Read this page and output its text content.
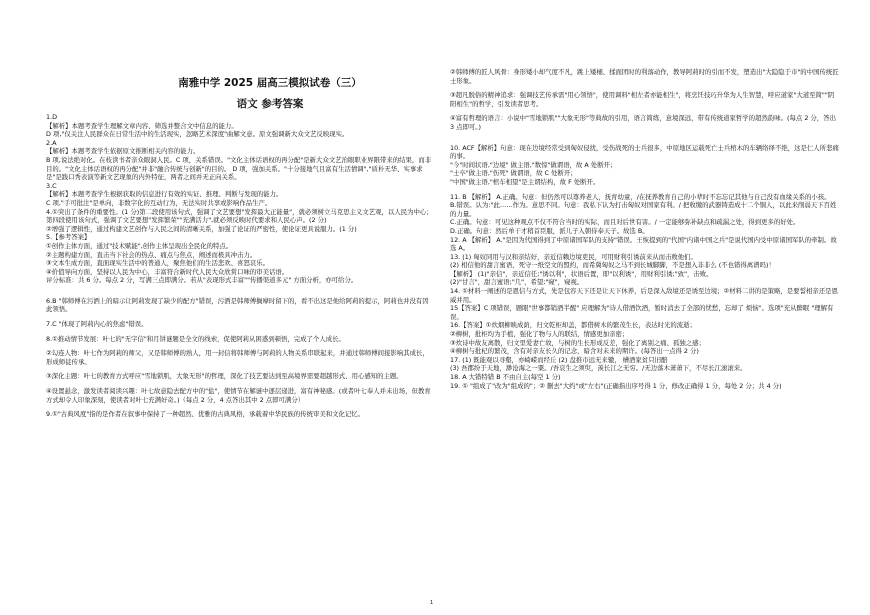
南雅中学 2025 届高三模拟试卷（三）
语文 参考答案

1.D

【解析】本题考查学生理解文章内容、筛选并整合文中信息的能力。

D 项,"仅关注人民群众在日常生活中的生活现实，忽略艺术深度"曲解文意。原文强调新大众文艺反映现实。

2.A

【解析】本题考查学生依据原文推断相关内容的能力。

B 项,说法绝对化。在枝读书者亲众眼洞人民。C 项，关系错误。"文化主体话语权的再分配"是新大众文艺治眼职业界限带来的结果，而非目的。"文化主体话语权的再分配"并非"融合传统与创新"的目的。 D 项，强加关系。"十分接地气且富有生活情调","质朴无华、实事求是"是践口秀表演等新文艺现象的内外特征，两者之间并无正向关系。

3.C

【解析】本题考查学生根据获取的信息进行有效的实证、推理、判断与发现的能力。

C 项,"手可批注"是单向，非数字化的互动行为，无法实时共享或影响作品生产。

4.①突出了条件的重要性。(1 分)第二段使用该句式，强调了文艺要想"发挥最大正能量"，就必须树立马克思主义文艺观，以人民为中心；第四段使用该句式，强调了文艺要想"发挥繁荣""充满活力",就必须反映时代要求和人民心声。(2 分)

②增强了逻辑性，通过构建文艺创作与人民之间的清晰关系，加强了论证的严密性，使论证更具说服力。(1 分)

5.【参考答案】

①创作主体方面，通过"技术赋能",创作主体呈现出全民化的特点。

②主题构建方面，直击当下社会的热点、痛点与焦点，阐述而极具冲击力。

③文本生成方面，直面现实生活中的普通人，聚焦他们的生活悲欢、喜怒哀乐。

④价值导向方面，坚持以人民为中心，丰富符合新时代人民大众欣赏口味的审美话语。

评分标准：共 6 分。每点 2 分，写满三点即满分。若从"表现形式丰富""传播渠道多元" 方面分析，亦可给分。

6.B "韩师傅在污洒上的暗示让阿莉发现了缺少的配方"错误，污洒是韩师傅搁摩时留下的，看不出这是他给阿莉的提示，阿莉也并没有因此领悟。

7.C "体现了阿莉内心的焦虑"错误。

8.①推动情节发展：叶七的"无字信"和月饼谜题是全文的线索，促使阿莉从困惑到顿悟，完成了个人成长。

②勾连人物：叶七作为阿莉的师父，又是韩师傅的熟人，用一封信将韩师傅与阿莉的人物关系串联起来，并通过韩师傅间接影响其成长，形成师徒传承。

③深化主题：叶七的教育方式呼应"雪地锁肌，大象无形"的哲理，深化了技艺要达到至高境界需要超越形式、用心感知的主题。

④设置悬念，激发读者阅读兴趣：叶七故意隐去配方中的"盐"，使情节在解谜中逐层递进，富有神秘感。(或者叶七奉人并未出场，但教育方式却令人印象深刻，使读者对叶七充满好奇。)（每点 2 分，4 点答出其中 2 点即可满分）

9.①"古典风度"指的是作者在叙事中保持了一种超然、优雅的古典风格，承载着中华民族的传统审美和文化记忆。

②韩师傅的匠人风骨：身形矮小却气度不凡，跳上矮桶、揉面团时的利落动作，教导阿莉时的引而不发，塑造出"大隐隐于市"的中国传统匠士形象。

③超凡脱俗的精神追求：强调技艺传承需"用心领悟"，使用调料"相左者亦能相生"，将烹饪技巧升华为人生智慧，呼应道家"大道至简""阴阳相生"的哲学，引发读者思考。

④富有哲理的语言：小说中"雪地锁肌""大象无形"等典故的引用，语言简练，意境深远，带有传统道家哲学的超然韵味。(每点 2 分，答出 3 点即可。)

10. ACF【解析】句意：现在边境经常受到匈奴侵扰，受伤战死的士兵很多，中原地区运载死亡士兵棺木的车辆络绎不绝，这是仁人所悲痛的事。

"今"时间状语,"边境" 做主语,"数惊"做谓语，故 A 处断开；

"士卒"做主语,"伤死" 做谓语，故 C 处断开；

"中国"做主语,"棺车相望"是主谓结构，故 F 处断开。

11. B 【解析】 A.正确。句意：但仍然可以尊养老人，抚育幼童，/在抚养教育自己的小辈时不忘忘记其他与自己没有血缘关系的小孩。

B.错误。认为:"此……作为。意思不同。句意：我私下认为打击匈奴对国家有利。/ 把收缴的武器铸造成十二个铜人，以此来削弱天下百姓的力量。

C.正确。句意：可见这种观点不仅不符合当时的实际，而且对后世有害。/ 一定能够弥补缺点和疏漏之处，得到更多的好处。

D.正确。句意：然后单干才稍首臣服，派儿子入朝侍奉天子。故选 B。

12. A 【解析】 A."是因为代国得到了中原诸国军队的支持"错误。王恢提到的"代国"内诸中国之兵"是说代国内受中原诸国军队的牵制。故选 A。

13. (1) 匈奴同用与汉和亲结好，亲近信赖边境吏民，可用财利引诱前来从而击败他们。

(2) 相信他的甜言蜜语，死守一纸空文的盟约，而希冀匈奴之马不到长城脚脚，不是想入非非么 (不也错得离谱吗)！

【解析】 (1)"亲信"，亲近信任;"诱以利"，状语后置，即"以利诱"，用财利引诱;"致"，击败。

(2)"甘言"，甜言蜜语;"几"，希望;"窥"，窥视。

14. ①材料一阐述的是恩信与方式，先是包容天下还是让天下休养，后是深入敌境还是诱至边境；②材料二讲的是策略，是要誓相亲还是恩威并用。

15【答案】C 项错误，题眼"世事都销酒半醒" 应理解为"诗人借酒饮酒，暂时消去了全部的忧愁，忘却了 烦恼"。选项"充从醉眠 "理解有误。

16.【答案】①炊烟柳映成荫，归文乾柜却盖，都借树木的繁茂生长，表达时光的流逝；

②柳树，批柜均为手植，强化了物与人的联结，情感更加亲密；

③炊诗中故友离散，归文里爱妻亡故，与树的生长形成反差，强化了离别之痛、孤独之感；

④柳树与批杞的繁茂，含有对亲友长久的记念，暗含对未来的期许。(每答出一点得 2 分)

17. (1) 既能观以寻壑，亦崎嵘而经丘 (2) 盘推市远无来辙， 槽酒家贫只旧醅

(3) 吾郡纷于天地，渺沧海之一粟。/吾哀生之须臾，羡长江之无穷。/无边落木萧萧下，不尽长江滚滚来。

18. A 大错特错 B 不由自主(每空 1 分)

19. ① "组成了"改为"组成的"；② 删去"大约"或"左右"(正确指出序号得 1 分，修改正确得 1 分，每处 2 分；共 4 分)

1
